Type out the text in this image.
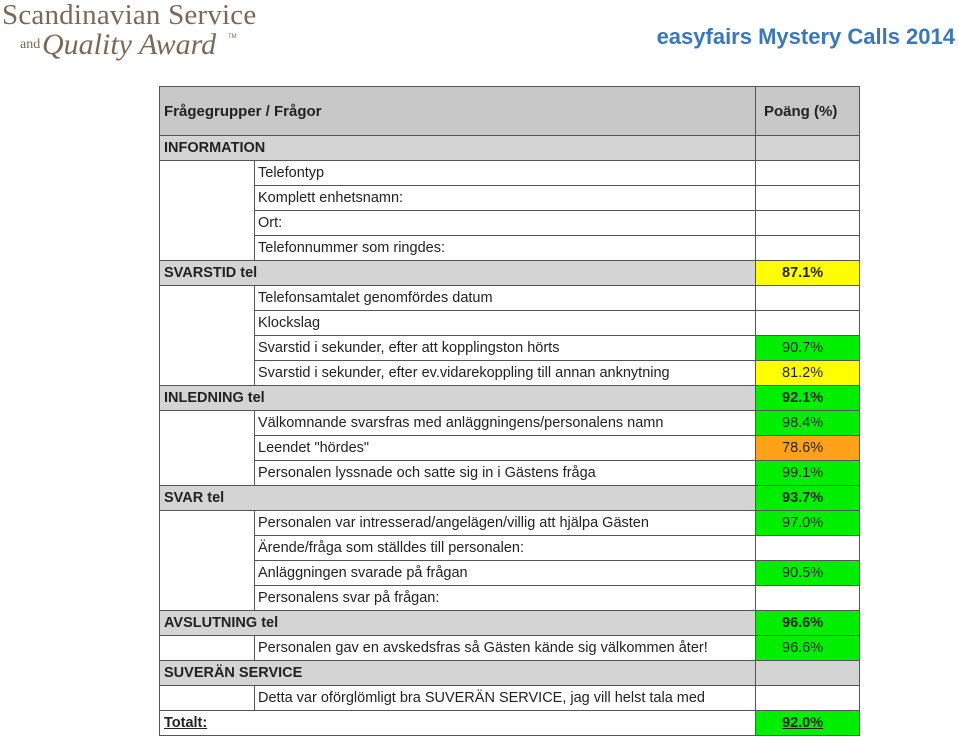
Scandinavian Service
and Quality Award TM	easyfairs Mystery Calls 2014
Frågegrupper / Frågor		Poäng (%)
INFORMATION		
	Telefontyp	
	Komplett enhetsnamn:	
	Ort:	
	Telefonnummer som ringdes:	
SVARSTID tel		87.1%
	Telefonsamtalet genomfördes datum	
	Klockslag	
	Svarstid i sekunder, efter att kopplingston hörts	90.7%
	Svarstid i sekunder, efter ev.vidarekoppling till annan anknytning	81.2%
INLEDNING tel		92.1%
	Välkomnande svarsfras med anläggningens/personalens namn	98.4%
	Leendet "hördes"	78.6%
	Personalen lyssnade och satte sig in i Gästens fråga	99.1%
SVAR tel		93.7%
	Personalen var intresserad/angelägen/villig att hjälpa Gästen	97.0%
	Ärende/fråga som ställdes till personalen:	
	Anläggningen svarade på frågan	90.5%
	Personalens svar på frågan:	
AVSLUTNING tel		96.6%
	Personalen gav en avskedsfras så Gästen kände sig välkommen åter!	96.6%
SUVERÄN SERVICE		
	Detta var oförglömligt bra SUVERÄN SERVICE, jag vill helst tala med	
Totalt:		92.0%
